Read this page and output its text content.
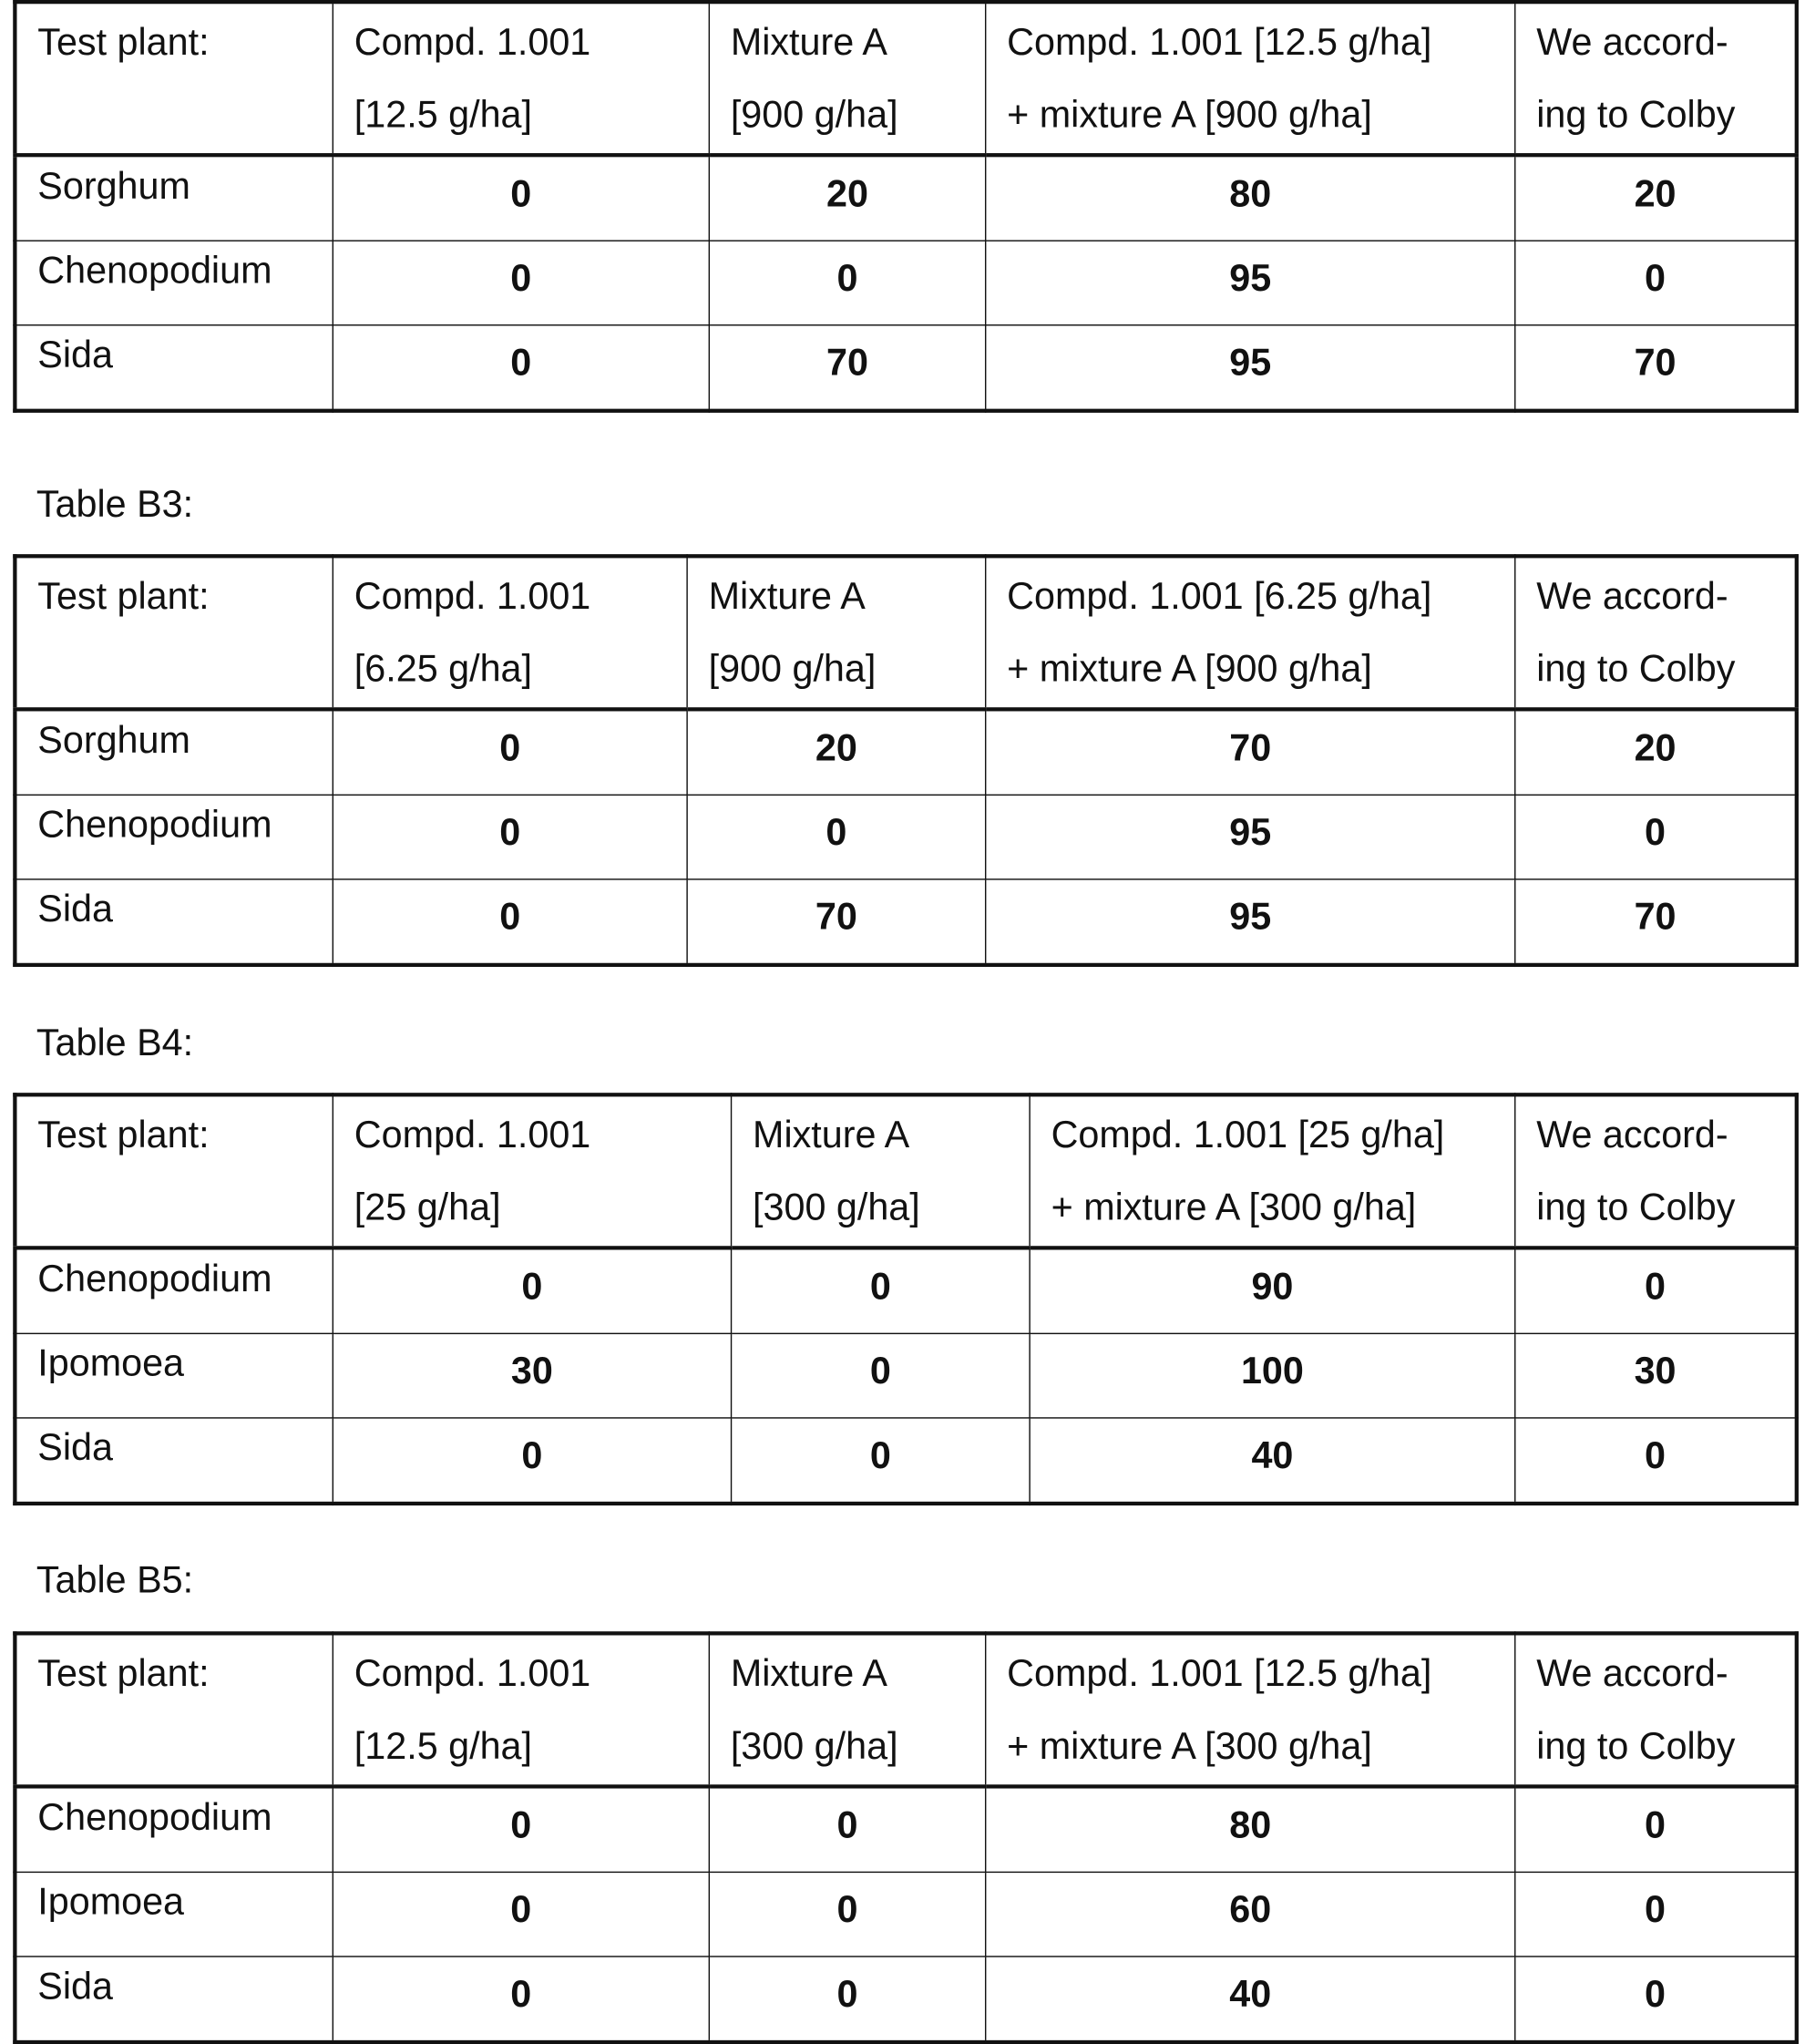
Test plant:	Compd. 1.001
[12.5 g/ha]	Mixture A
[900 g/ha]	Compd. 1.001 [12.5 g/ha]
+ mixture A [900 g/ha]	We accord-
ing to Colby
Sorghum	0	20	80	20
Chenopodium	0	0	95	0
Sida	0	70	95	70
Table B3:
Test plant:	Compd. 1.001
[6.25 g/ha]	Mixture A
[900 g/ha]	Compd. 1.001 [6.25 g/ha]
+ mixture A [900 g/ha]	We accord-
ing to Colby
Sorghum	0	20	70	20
Chenopodium	0	0	95	0
Sida	0	70	95	70
Table B4:
Test plant:	Compd. 1.001
[25 g/ha]	Mixture A
[300 g/ha]	Compd. 1.001 [25 g/ha]
+ mixture A [300 g/ha]	We accord-
ing to Colby
Chenopodium	0	0	90	0
Ipomoea	30	0	100	30
Sida	0	0	40	0
Table B5:
Test plant:	Compd. 1.001
[12.5 g/ha]	Mixture A
[300 g/ha]	Compd. 1.001 [12.5 g/ha]
+ mixture A [300 g/ha]	We accord-
ing to Colby
Chenopodium	0	0	80	0
Ipomoea	0	0	60	0
Sida	0	0	40	0
